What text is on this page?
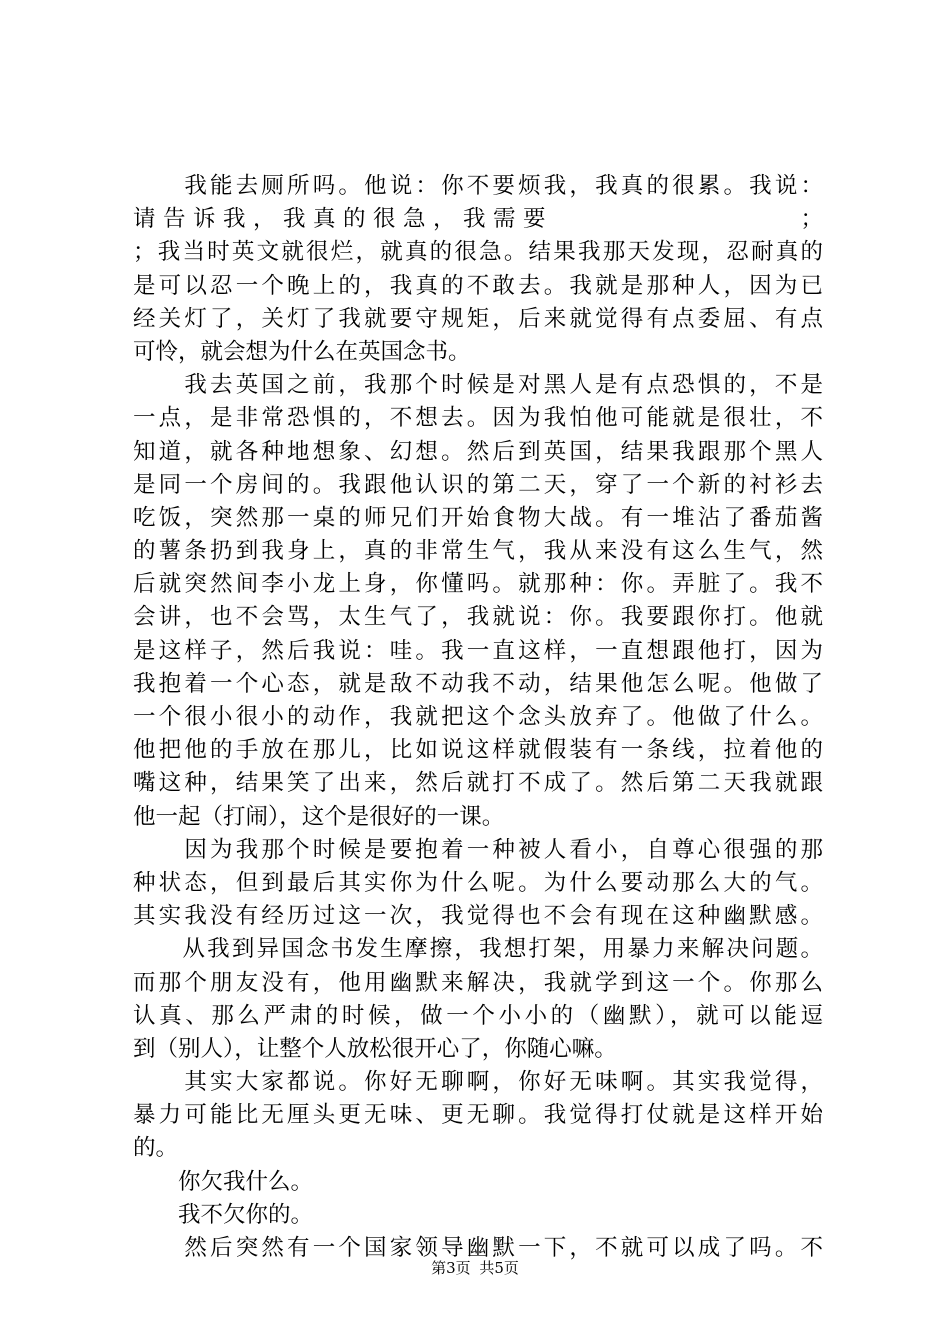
　　我能去厕所吗。他说：你不要烦我，我真的很累。我说：
请告诉我，我真的很急，我需要	；
；我当时英文就很烂，就真的很急。结果我那天发现，忍耐真的
是可以忍一个晚上的，我真的不敢去。我就是那种人，因为已
经关灯了，关灯了我就要守规矩，后来就觉得有点委屈、有点
可怜，就会想为什么在英国念书。
　　我去英国之前，我那个时候是对黑人是有点恐惧的，不是
一点，是非常恐惧的，不想去。因为我怕他可能就是很壮，不
知道，就各种地想象、幻想。然后到英国，结果我跟那个黑人
是同一个房间的。我跟他认识的第二天，穿了一个新的衬衫去
吃饭，突然那一桌的师兄们开始食物大战。有一堆沾了番茄酱
的薯条扔到我身上，真的非常生气，我从来没有这么生气，然
后就突然间李小龙上身，你懂吗。就那种：你。弄脏了。我不
会讲，也不会骂，太生气了，我就说：你。我要跟你打。他就
是这样子，然后我说：哇。我一直这样，一直想跟他打，因为
我抱着一个心态，就是敌不动我不动，结果他怎么呢。他做了
一个很小很小的动作，我就把这个念头放弃了。他做了什么。
他把他的手放在那儿，比如说这样就假装有一条线，拉着他的
嘴这种，结果笑了出来，然后就打不成了。然后第二天我就跟
他一起（打闹），这个是很好的一课。
　　因为我那个时候是要抱着一种被人看小，自尊心很强的那
种状态，但到最后其实你为什么呢。为什么要动那么大的气。
其实我没有经历过这一次，我觉得也不会有现在这种幽默感。
　　从我到异国念书发生摩擦，我想打架，用暴力来解决问题。
而那个朋友没有，他用幽默来解决，我就学到这一个。你那么
认真、那么严肃的时候，做一个小小的（幽默），就可以能逗
到（别人），让整个人放松很开心了，你随心嘛。
　　其实大家都说。你好无聊啊，你好无味啊。其实我觉得，
暴力可能比无厘头更无味、更无聊。我觉得打仗就是这样开始
的。
　　你欠我什么。
　　我不欠你的。
　　然后突然有一个国家领导幽默一下，不就可以成了吗。不
第3页 共5页
